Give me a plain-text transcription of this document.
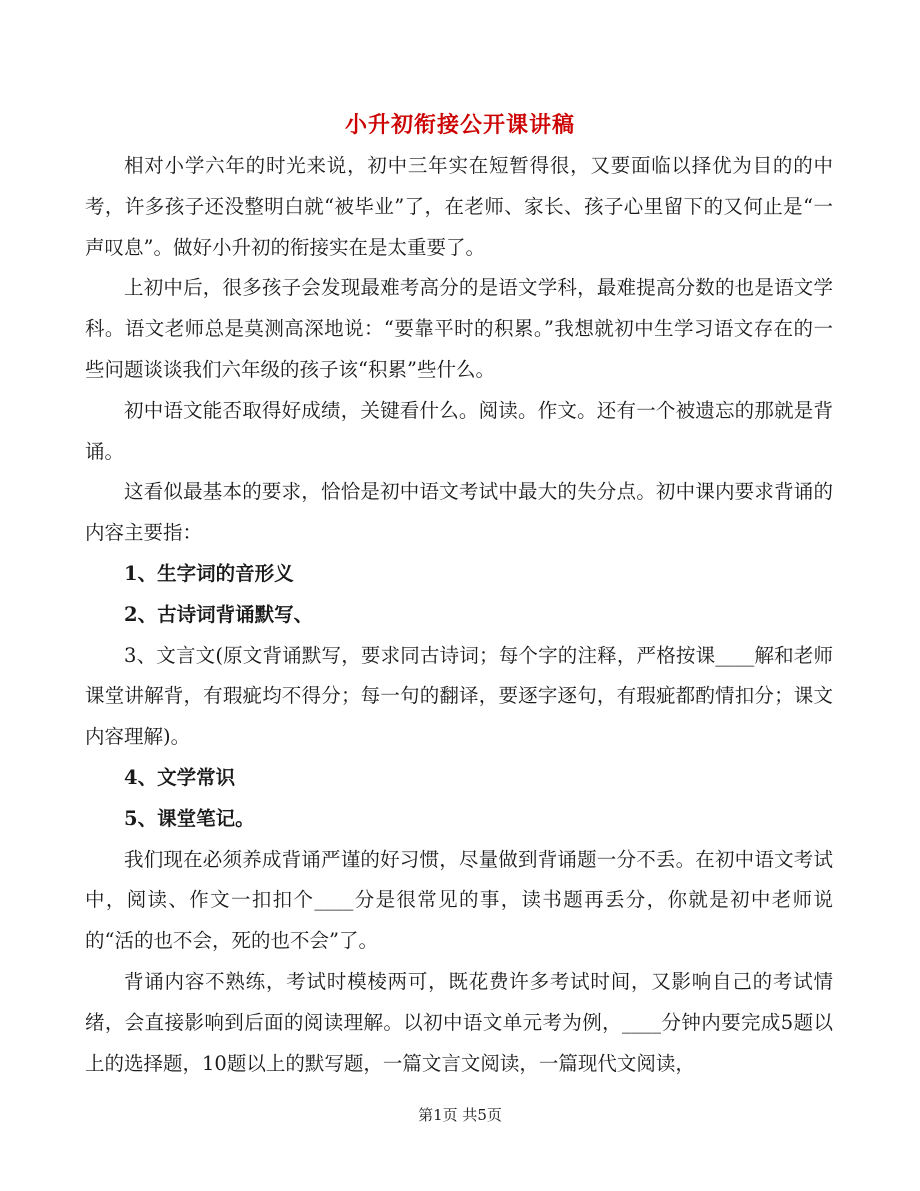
小升初衔接公开课讲稿

相对小学六年的时光来说，初中三年实在短暂得很，又要面临以择优为目的的中考，许多孩子还没整明白就“被毕业”了，在老师、家长、孩子心里留下的又何止是“一声叹息”。做好小升初的衔接实在是太重要了。

上初中后，很多孩子会发现最难考高分的是语文学科，最难提高分数的也是语文学科。语文老师总是莫测高深地说：“要靠平时的积累。”我想就初中生学习语文存在的一些问题谈谈我们六年级的孩子该“积累”些什么。

初中语文能否取得好成绩，关键看什么。阅读。作文。还有一个被遗忘的那就是背诵。

这看似最基本的要求，恰恰是初中语文考试中最大的失分点。初中课内要求背诵的内容主要指：

1、生字词的音形义

2、古诗词背诵默写、

3、文言文(原文背诵默写，要求同古诗词；每个字的注释，严格按课____解和老师课堂讲解背，有瑕疵均不得分；每一句的翻译，要逐字逐句，有瑕疵都酌情扣分；课文内容理解)。

4、文学常识

5、课堂笔记。

我们现在必须养成背诵严谨的好习惯，尽量做到背诵题一分不丢。在初中语文考试中，阅读、作文一扣扣个____分是很常见的事，读书题再丢分，你就是初中老师说的“活的也不会，死的也不会”了。

背诵内容不熟练，考试时模棱两可，既花费许多考试时间，又影响自己的考试情绪，会直接影响到后面的阅读理解。以初中语文单元考为例，____分钟内要完成5题以上的选择题，10题以上的默写题，一篇文言文阅读，一篇现代文阅读，

第1页 共5页
